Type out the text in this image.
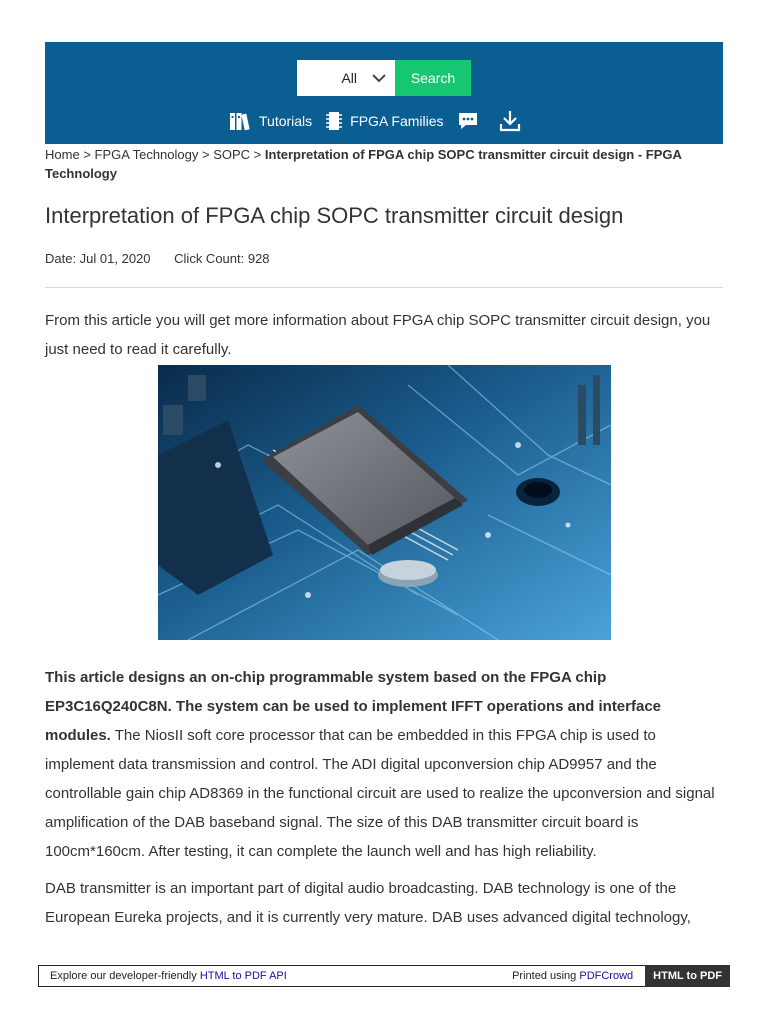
All	Search
Tutorials	FPGA Families
Home > FPGA Technology > SOPC > Interpretation of FPGA chip SOPC transmitter circuit design - FPGA Technology
Interpretation of FPGA chip SOPC transmitter circuit design
Date: Jul 01, 2020 Click Count: 928

From this article you will get more information about FPGA chip SOPC transmitter circuit design, you just need to read it carefully.

This article designs an on-chip programmable system based on the FPGA chip EP3C16Q240C8N. The system can be used to implement IFFT operations and interface modules. The NiosII soft core processor that can be embedded in this FPGA chip is used to implement data transmission and control. The ADI digital upconversion chip AD9957 and the controllable gain chip AD8369 in the functional circuit are used to realize the upconversion and signal amplification of the DAB baseband signal. The size of this DAB transmitter circuit board is 100cm*160cm. After testing, it can complete the launch well and has high reliability.

DAB transmitter is an important part of digital audio broadcasting. DAB technology is one of the European Eureka projects, and it is currently very mature. DAB uses advanced digital technology,

Explore our developer-friendly HTML to PDF API	Printed using PDFCrowd	HTML to PDF
